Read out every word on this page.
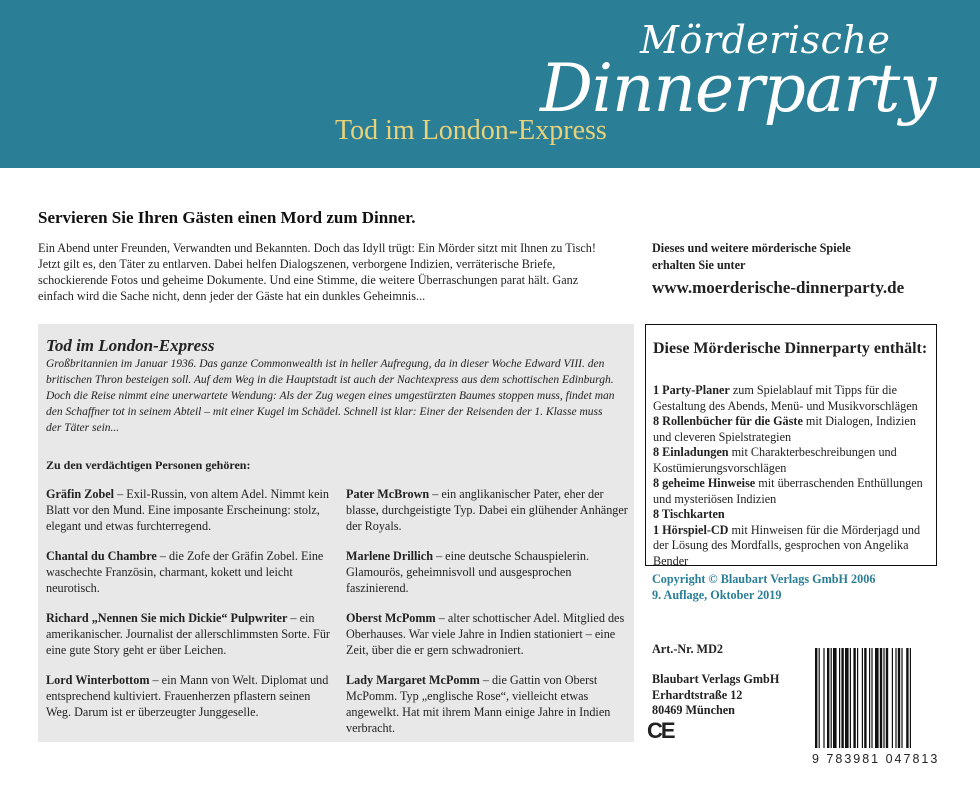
Mörderische
Dinnerparty
Tod im London-Express
Servieren Sie Ihren Gästen einen Mord zum Dinner.
Ein Abend unter Freunden, Verwandten und Bekannten. Doch das Idyll trügt: Ein Mörder sitzt mit Ihnen zu Tisch! Jetzt gilt es, den Täter zu entlarven. Dabei helfen Dialogszenen, verborgene Indizien, verräterische Briefe, schockierende Fotos und geheime Dokumente. Und eine Stimme, die weitere Überraschungen parat hält. Ganz einfach wird die Sache nicht, denn jeder der Gäste hat ein dunkles Geheimnis...
Dieses und weitere mörderische Spiele
erhalten Sie unter
www.moerderische-dinnerparty.de
Tod im London-Express
Großbritannien im Januar 1936. Das ganze Commonwealth ist in heller Aufregung, da in dieser Woche Edward VIII. den britischen Thron besteigen soll. Auf dem Weg in die Hauptstadt ist auch der Nachtexpress aus dem schottischen Edinburgh. Doch die Reise nimmt eine unerwartete Wendung: Als der Zug wegen eines umgestürzten Baumes stoppen muss, findet man den Schaffner tot in seinem Abteil – mit einer Kugel im Schädel. Schnell ist klar: Einer der Reisenden der 1. Klasse muss der Täter sein...
Zu den verdächtigen Personen gehören:
Gräfin Zobel – Exil-Russin, von altem Adel. Nimmt kein Blatt vor den Mund. Eine imposante Erscheinung: stolz, elegant und etwas furchterregend.
Chantal du Chambre – die Zofe der Gräfin Zobel. Eine waschechte Französin, charmant, kokett und leicht neurotisch.
Richard „Nennen Sie mich Dickie“ Pulpwriter – ein amerikanischer. Journalist der allerschlimmsten Sorte. Für eine gute Story geht er über Leichen.
Lord Winterbottom – ein Mann von Welt. Diplomat und entsprechend kultiviert. Frauenherzen pflastern seinen Weg. Darum ist er überzeugter Junggeselle.
Pater McBrown – ein anglikanischer Pater, eher der blasse, durchgeistigte Typ. Dabei ein glühender Anhänger der Royals.
Marlene Drillich – eine deutsche Schauspielerin. Glamourös, geheimnisvoll und ausgesprochen faszinierend.
Oberst McPomm – alter schottischer Adel. Mitglied des Oberhauses. War viele Jahre in Indien stationiert – eine Zeit, über die er gern schwadroniert.
Lady Margaret McPomm – die Gattin von Oberst McPomm. Typ „englische Rose“, vielleicht etwas angewelkt. Hat mit ihrem Mann einige Jahre in Indien verbracht.
Diese Mörderische Dinnerparty enthält:
1 Party-Planer zum Spielablauf mit Tipps für die Gestaltung des Abends, Menü- und Musikvorschlägen
8 Rollenbücher für die Gäste mit Dialogen, Indizien und cleveren Spielstrategien
8 Einladungen mit Charakterbeschreibungen und Kostümierungsvorschlägen
8 geheime Hinweise mit überraschenden Enthüllungen und mysteriösen Indizien
8 Tischkarten
1 Hörspiel-CD mit Hinweisen für die Mörderjagd und der Lösung des Mordfalls, gesprochen von Angelika Bender
Copyright © Blaubart Verlags GmbH 2006
9. Auflage, Oktober 2019
Art.-Nr. MD2
Blaubart Verlags GmbH
Erhardtstraße 12
80469 München
CE
9 783981 047813
